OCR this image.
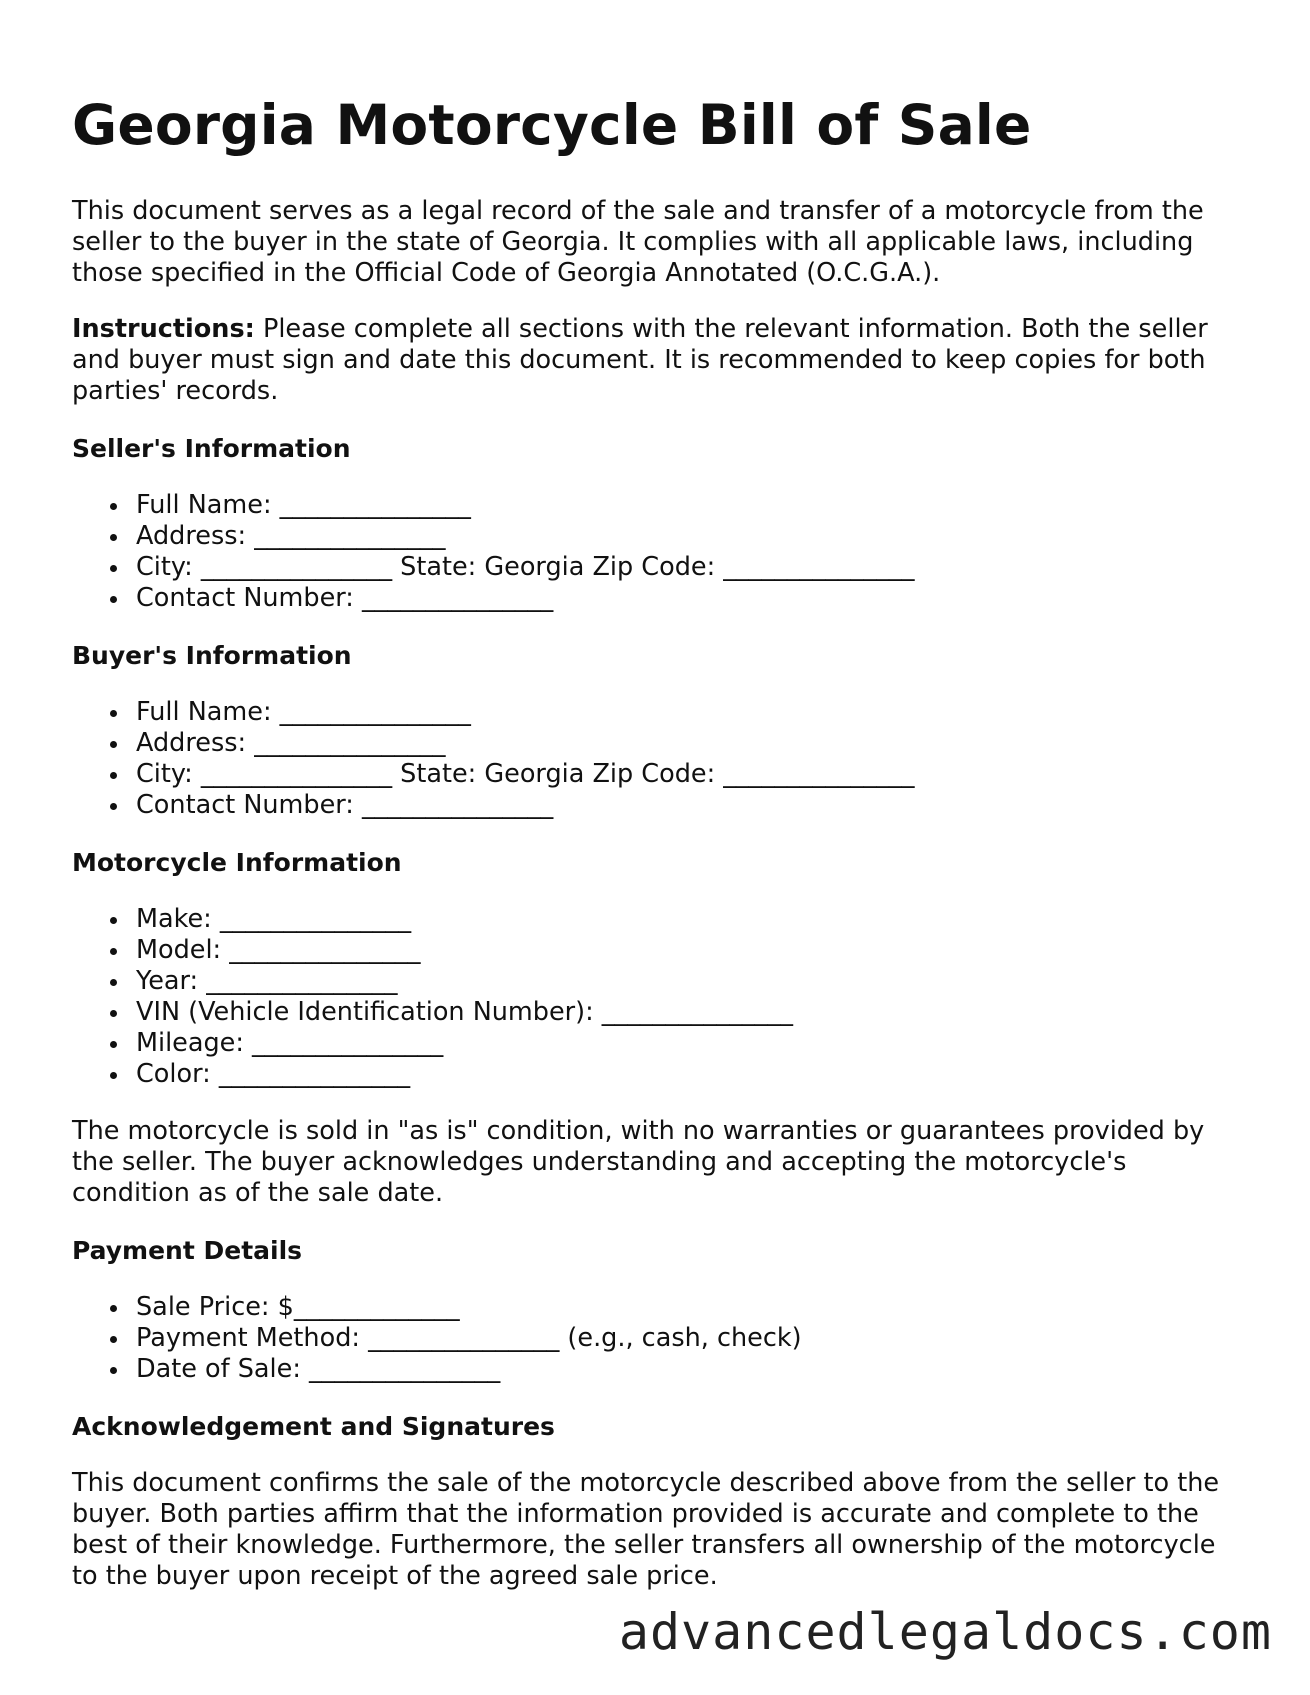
Georgia Motorcycle Bill of Sale

This document serves as a legal record of the sale and transfer of a motorcycle from the seller to the buyer in the state of Georgia. It complies with all applicable laws, including those specified in the Official Code of Georgia Annotated (O.C.G.A.).

Instructions: Please complete all sections with the relevant information. Both the seller and buyer must sign and date this document. It is recommended to keep copies for both parties' records.

Seller's Information
Full Name: _______________
Address: _______________
City: _______________ State: Georgia Zip Code: _______________
Contact Number: _______________
Buyer's Information
Full Name: _______________
Address: _______________
City: _______________ State: Georgia Zip Code: _______________
Contact Number: _______________
Motorcycle Information
Make: _______________
Model: _______________
Year: _______________
VIN (Vehicle Identification Number): _______________
Mileage: _______________
Color: _______________

The motorcycle is sold in "as is" condition, with no warranties or guarantees provided by the seller. The buyer acknowledges understanding and accepting the motorcycle's condition as of the sale date.

Payment Details
Sale Price: $_____________
Payment Method: _______________ (e.g., cash, check)
Date of Sale: _______________
Acknowledgement and Signatures

This document confirms the sale of the motorcycle described above from the seller to the buyer. Both parties affirm that the information provided is accurate and complete to the best of their knowledge. Furthermore, the seller transfers all ownership of the motorcycle to the buyer upon receipt of the agreed sale price.

advancedlegaldocs.com
